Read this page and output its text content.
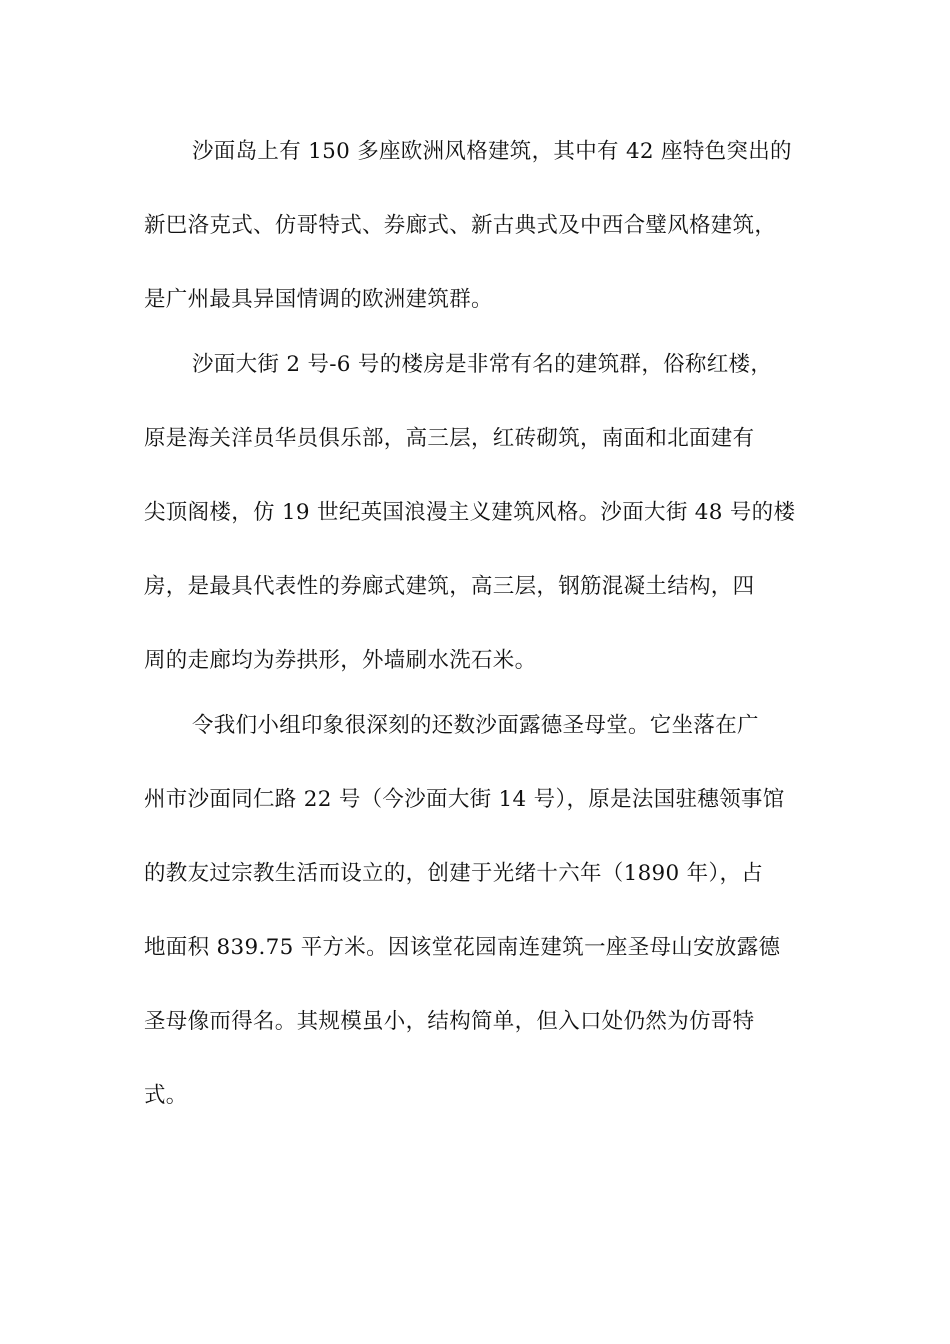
沙面岛上有 150 多座欧洲风格建筑，其中有 42 座特色突出的
新巴洛克式、仿哥特式、券廊式、新古典式及中西合璧风格建筑，
是广州最具异国情调的欧洲建筑群。
沙面大街 2 号-6 号的楼房是非常有名的建筑群，俗称红楼，
原是海关洋员华员俱乐部，高三层，红砖砌筑，南面和北面建有
尖顶阁楼，仿 19 世纪英国浪漫主义建筑风格。沙面大街 48 号的楼
房，是最具代表性的券廊式建筑，高三层，钢筋混凝土结构，四
周的走廊均为券拱形，外墙刷水洗石米。
令我们小组印象很深刻的还数沙面露德圣母堂。它坐落在广
州市沙面同仁路 22 号（今沙面大街 14 号），原是法国驻穗领事馆
的教友过宗教生活而设立的，创建于光绪十六年（1890 年），占
地面积 839.75 平方米。因该堂花园南连建筑一座圣母山安放露德
圣母像而得名。其规模虽小，结构简单，但入口处仍然为仿哥特
式。
